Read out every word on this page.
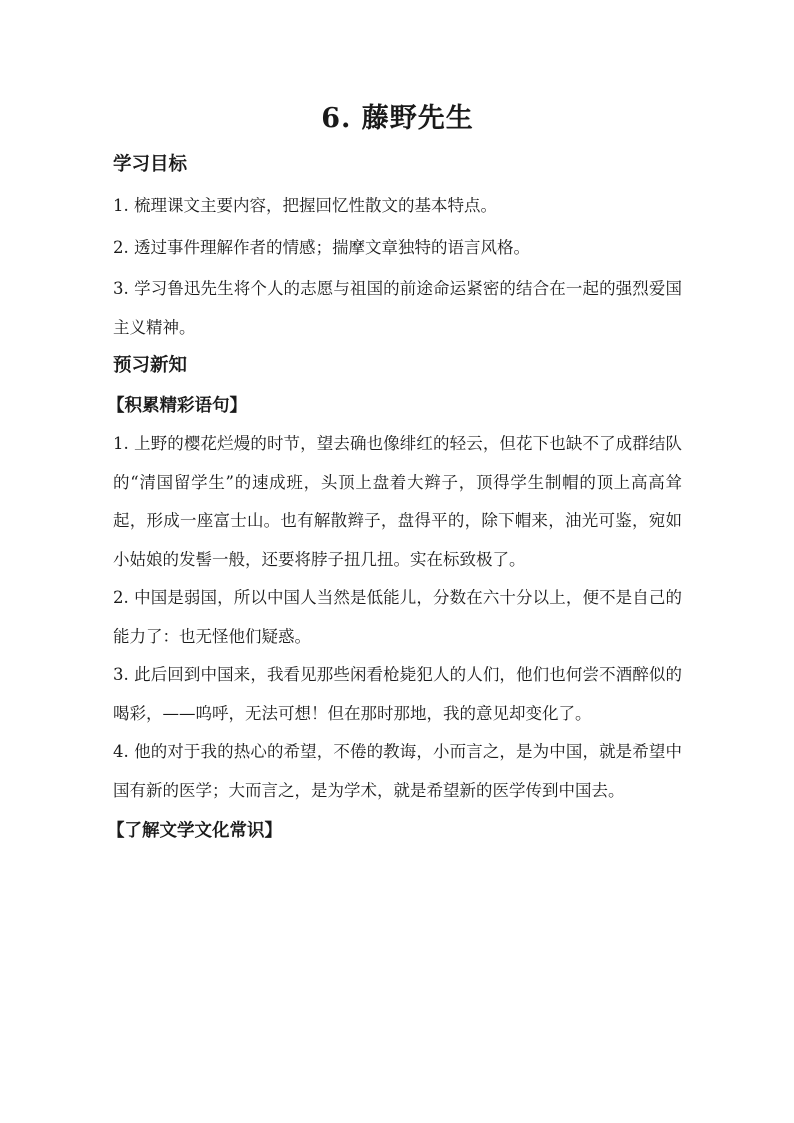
6. 藤野先生
学习目标

1. 梳理课文主要内容，把握回忆性散文的基本特点。

2. 透过事件理解作者的情感；揣摩文章独特的语言风格。

3. 学习鲁迅先生将个人的志愿与祖国的前途命运紧密的结合在一起的强烈爱国主义精神。

预习新知
【积累精彩语句】

1. 上野的樱花烂熳的时节，望去确也像绯红的轻云，但花下也缺不了成群结队的“清国留学生”的速成班，头顶上盘着大辫子，顶得学生制帽的顶上高高耸起，形成一座富士山。也有解散辫子，盘得平的，除下帽来，油光可鉴，宛如小姑娘的发髻一般，还要将脖子扭几扭。实在标致极了。

2. 中国是弱国，所以中国人当然是低能儿，分数在六十分以上，便不是自己的能力了：也无怪他们疑惑。

3. 此后回到中国来，我看见那些闲看枪毙犯人的人们，他们也何尝不酒醉似的喝彩，——呜呼，无法可想！但在那时那地，我的意见却变化了。

4. 他的对于我的热心的希望，不倦的教诲，小而言之，是为中国，就是希望中国有新的医学；大而言之，是为学术，就是希望新的医学传到中国去。

【了解文学文化常识】
